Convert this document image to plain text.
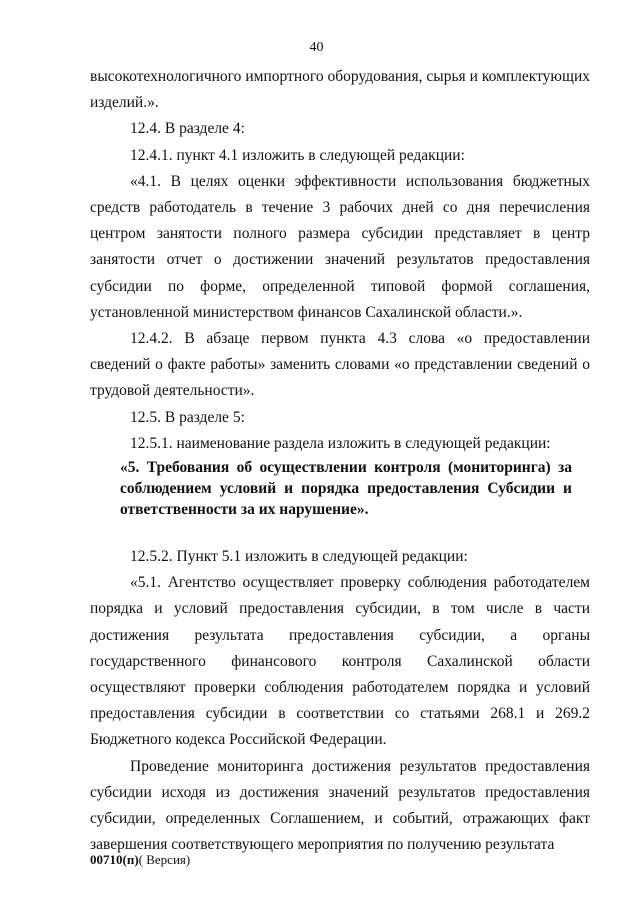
40

высокотехнологичного импортного оборудования, сырья и комплектующих изделий.».

12.4. В разделе 4:

12.4.1. пункт 4.1 изложить в следующей редакции:

«4.1. В целях оценки эффективности использования бюджетных средств работодатель в течение 3 рабочих дней со дня перечисления центром занятости полного размера субсидии представляет в центр занятости отчет о достижении значений результатов предоставления субсидии по форме, определенной типовой формой соглашения, установленной министерством финансов Сахалинской области.».

12.4.2. В абзаце первом пункта 4.3 слова «о предоставлении сведений о факте работы» заменить словами «о представлении сведений о трудовой деятельности».

12.5. В разделе 5:

12.5.1. наименование раздела изложить в следующей редакции:

«5. Требования об осуществлении контроля (мониторинга) за соблюдением условий и порядка предоставления Субсидии и ответственности за их нарушение».

12.5.2. Пункт 5.1 изложить в следующей редакции:

«5.1. Агентство осуществляет проверку соблюдения работодателем порядка и условий предоставления субсидии, в том числе в части достижения результата предоставления субсидии, а органы государственного финансового контроля Сахалинской области осуществляют проверки соблюдения работодателем порядка и условий предоставления субсидии в соответствии со статьями 268.1 и 269.2 Бюджетного кодекса Российской Федерации.

Проведение мониторинга достижения результатов предоставления субсидии исходя из достижения значений результатов предоставления субсидии, определенных Соглашением, и событий, отражающих факт завершения соответствующего мероприятия по получению результата

00710(п)( Версия)
